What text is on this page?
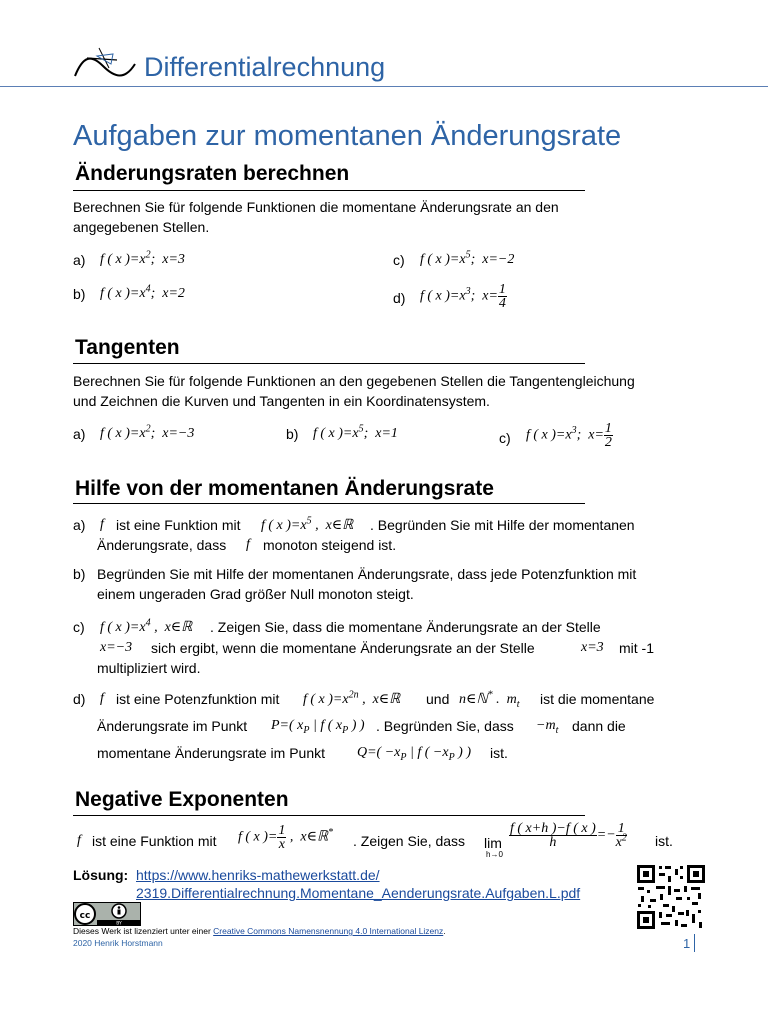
Differentialrechnung
Aufgaben zur momentanen Änderungsrate
Änderungsraten berechnen
Berechnen Sie für folgende Funktionen die momentane Änderungsrate an den
angegebenen Stellen.
a) f ( x )$=x^2$;  x=3
b) f ( x )$=x^4$;  x=2
c) f ( x )$=x^5$;  x=−2
d) f ( x )$=x^3$;  $x= \frac{1}{4}$
Tangenten
Berechnen Sie für folgende Funktionen an den gegebenen Stellen die Tangentengleichung
und Zeichnen die Kurven und Tangenten in ein Koordinatensystem.
a) f ( x )$=x^2$;  x=−3	b) f ( x )$=x^5$;  x=1	c) f ( x )$=x^3$;  $x= \frac{1}{2}$
Hilfe von der momentanen Änderungsrate
a) f ist eine Funktion mit f ( x )$=x^5$ ,  x∈ℝ . Begründen Sie mit Hilfe der momentanen
Änderungsrate, dass f monoton steigend ist.
b) Begründen Sie mit Hilfe der momentanen Änderungsrate, dass jede Potenzfunktion mit
einem ungeraden Grad größer Null monoton steigt.
c) f ( x )$=x^4$ ,  x∈ℝ . Zeigen Sie, dass die momentane Änderungsrate an der Stelle
x=−3 sich ergibt, wenn die momentane Änderungsrate an der Stelle	x=3 mit -1
multipliziert wird.
d) f ist eine Potenzfunktion mit f ( x )$=x^{2n}$ ,  x∈ℝ und n∈ℕ* .  $m_t$ ist die momentane
Änderungsrate im Punkt P=( $x_P$ | f ( $x_P$ ) ) . Begründen Sie, dass $-m_t$ dann die
momentane Änderungsrate im Punkt $Q=( -x_P$ | f ( $-x_P$ ) ) ist.
Negative Exponenten
f ist eine Funktion mit f ( x )= $\frac{1}{x}$ ,  x∈ℝ*
. Zeigen Sie, dass lim
h→0
$\frac{f ( x+h )-f ( x )}{h} =- \frac{1}{x^2}$ ist.
Lösung: https://www.henriks-mathewerkstatt.de/
2319.Differentialrechnung.Momentane_Aenderungsrate.Aufgaben.L.pdf
cc
BY
Dieses Werk ist lizenziert unter einer Creative Commons Namensnennung 4.0 International Lizenz.
2020 Henrik Horstmann	1
